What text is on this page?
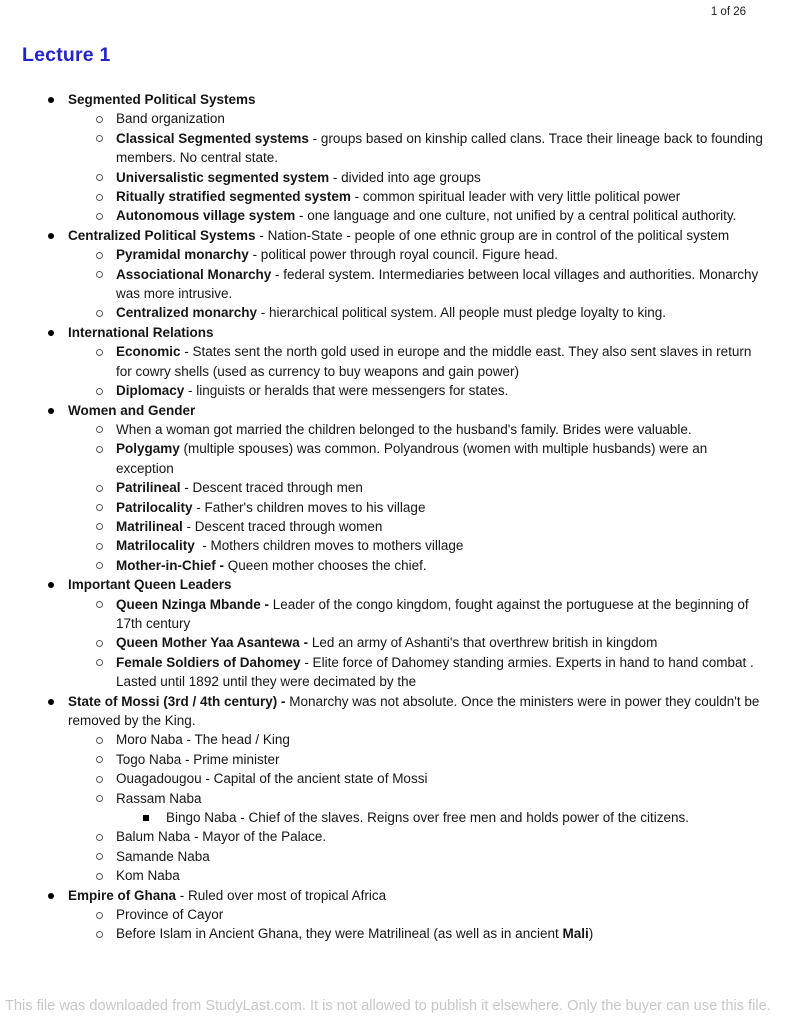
1 of 26
Lecture 1
Segmented Political Systems
Band organization
Classical Segmented systems - groups based on kinship called clans. Trace their lineage back to founding members. No central state.
Universalistic segmented system - divided into age groups
Ritually stratified segmented system - common spiritual leader with very little political power
Autonomous village system - one language and one culture, not unified by a central political authority.
Centralized Political Systems - Nation-State - people of one ethnic group are in control of the political system
Pyramidal monarchy - political power through royal council. Figure head.
Associational Monarchy - federal system. Intermediaries between local villages and authorities. Monarchy was more intrusive.
Centralized monarchy - hierarchical political system. All people must pledge loyalty to king.
International Relations
Economic - States sent the north gold used in europe and the middle east. They also sent slaves in return for cowry shells (used as currency to buy weapons and gain power)
Diplomacy - linguists or heralds that were messengers for states.
Women and Gender
When a woman got married the children belonged to the husband's family. Brides were valuable.
Polygamy (multiple spouses) was common. Polyandrous (women with multiple husbands) were an exception
Patrilineal - Descent traced through men
Patrilocality - Father's children moves to his village
Matrilineal - Descent traced through women
Matrilocality  - Mothers children moves to mothers village
Mother-in-Chief - Queen mother chooses the chief.
Important Queen Leaders
Queen Nzinga Mbande - Leader of the congo kingdom, fought against the portuguese at the beginning of 17th century
Queen Mother Yaa Asantewa - Led an army of Ashanti's that overthrew british in kingdom
Female Soldiers of Dahomey - Elite force of Dahomey standing armies. Experts in hand to hand combat . Lasted until 1892 until they were decimated by the
State of Mossi (3rd / 4th century) - Monarchy was not absolute. Once the ministers were in power they couldn't be removed by the King.
Moro Naba - The head / King
Togo Naba - Prime minister
Ouagadougou - Capital of the ancient state of Mossi
Rassam Naba
Bingo Naba - Chief of the slaves. Reigns over free men and holds power of the citizens.
Balum Naba - Mayor of the Palace.
Samande Naba
Kom Naba
Empire of Ghana - Ruled over most of tropical Africa
Province of Cayor
Before Islam in Ancient Ghana, they were Matrilineal (as well as in ancient Mali)
This file was downloaded from StudyLast.com. It is not allowed to publish it elsewhere. Only the buyer can use this file.
